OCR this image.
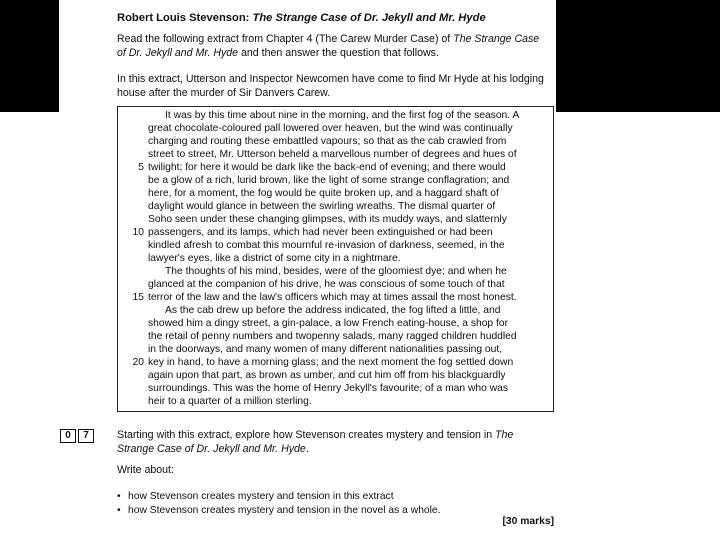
Robert Louis Stevenson: The Strange Case of Dr. Jekyll and Mr. Hyde

Read the following extract from Chapter 4 (The Carew Murder Case) of The Strange Case of Dr. Jekyll and Mr. Hyde and then answer the question that follows.

In this extract, Utterson and Inspector Newcomen have come to find Mr Hyde at his lodging house after the murder of Sir Danvers Carew.

It was by this time about nine in the morning, and the first fog of the season. A
great chocolate-coloured pall lowered over heaven, but the wind was continually
charging and routing these embattled vapours; so that as the cab crawled from
street to street, Mr. Utterson beheld a marvellous number of degrees and hues of
twilight; for here it would be dark like the back-end of evening; and there would
be a glow of a rich, lurid brown, like the light of some strange conflagration; and
here, for a moment, the fog would be quite broken up, and a haggard shaft of
daylight would glance in between the swirling wreaths. The dismal quarter of
Soho seen under these changing glimpses, with its muddy ways, and slatternly
passengers, and its lamps, which had never been extinguished or had been
kindled afresh to combat this mournful re-invasion of darkness, seemed, in the
lawyer's eyes, like a district of some city in a nightmare.
The thoughts of his mind, besides, were of the gloomiest dye; and when he
glanced at the companion of his drive, he was conscious of some touch of that
terror of the law and the law's officers which may at times assail the most honest.
As the cab drew up before the address indicated, the fog lifted a little, and
showed him a dingy street, a gin-palace, a low French eating-house, a shop for
the retail of penny numbers and twopenny salads, many ragged children huddled
in the doorways, and many women of many different nationalities passing out,
key in hand, to have a morning glass; and the next moment the fog settled down
again upon that part, as brown as umber, and cut him off from his blackguardly
surroundings. This was the home of Henry Jekyll's favourite; of a man who was
5
10
15
20
0	7	Starting with this extract, explore how Stevenson creates mystery and tension in The Strange Case of Dr. Jekyll and Mr. Hyde.

Write about:

• how Stevenson creates mystery and tension in this extract
• how Stevenson creates mystery and tension in the novel as a whole.

[30 marks]

heir to a quarter of a million sterling.
